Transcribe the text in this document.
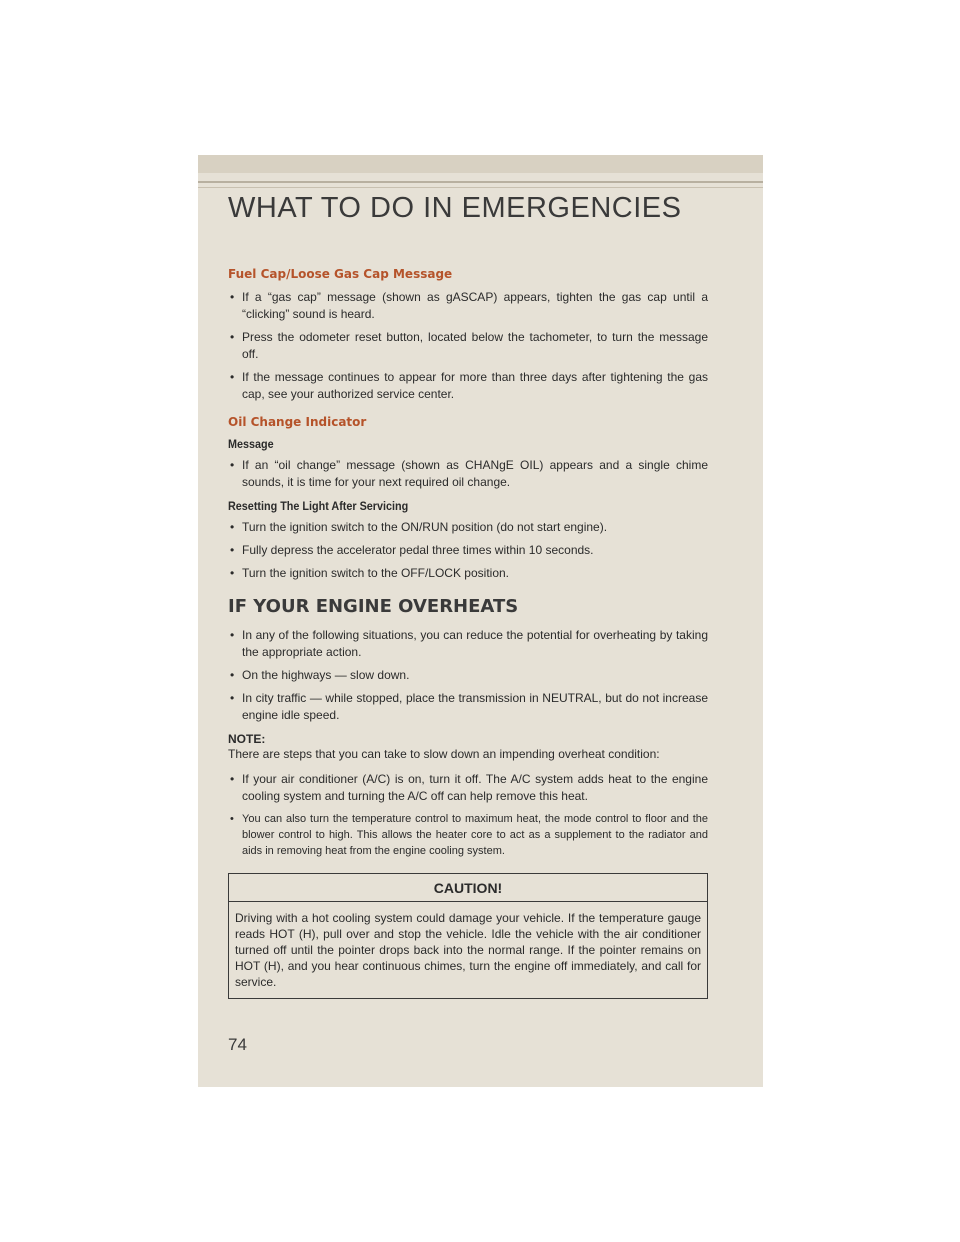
WHAT TO DO IN EMERGENCIES
Fuel Cap/Loose Gas Cap Message
• If a “gas cap” message (shown as gASCAP) appears, tighten the gas cap until a “clicking” sound is heard.
• Press the odometer reset button, located below the tachometer, to turn the message off.
• If the message continues to appear for more than three days after tightening the gas cap, see your authorized service center.
Oil Change Indicator
Message
• If an “oil change” message (shown as CHANgE OIL) appears and a single chime sounds, it is time for your next required oil change.
Resetting The Light After Servicing
• Turn the ignition switch to the ON/RUN position (do not start engine).
• Fully depress the accelerator pedal three times within 10 seconds.
• Turn the ignition switch to the OFF/LOCK position.
IF YOUR ENGINE OVERHEATS
• In any of the following situations, you can reduce the potential for overheating by taking the appropriate action.
• On the highways — slow down.
• In city traffic — while stopped, place the transmission in NEUTRAL, but do not increase engine idle speed.

NOTE:

There are steps that you can take to slow down an impending overheat condition:

• If your air conditioner (A/C) is on, turn it off. The A/C system adds heat to the engine cooling system and turning the A/C off can help remove this heat.
• You can also turn the temperature control to maximum heat, the mode control to floor and the blower control to high. This allows the heater core to act as a supplement to the radiator and aids in removing heat from the engine cooling system.
CAUTION!
Driving with a hot cooling system could damage your vehicle. If the temperature gauge reads HOT (H), pull over and stop the vehicle. Idle the vehicle with the air conditioner turned off until the pointer drops back into the normal range. If the pointer remains on HOT (H), and you hear continuous chimes, turn the engine off immediately, and call for service.
74
